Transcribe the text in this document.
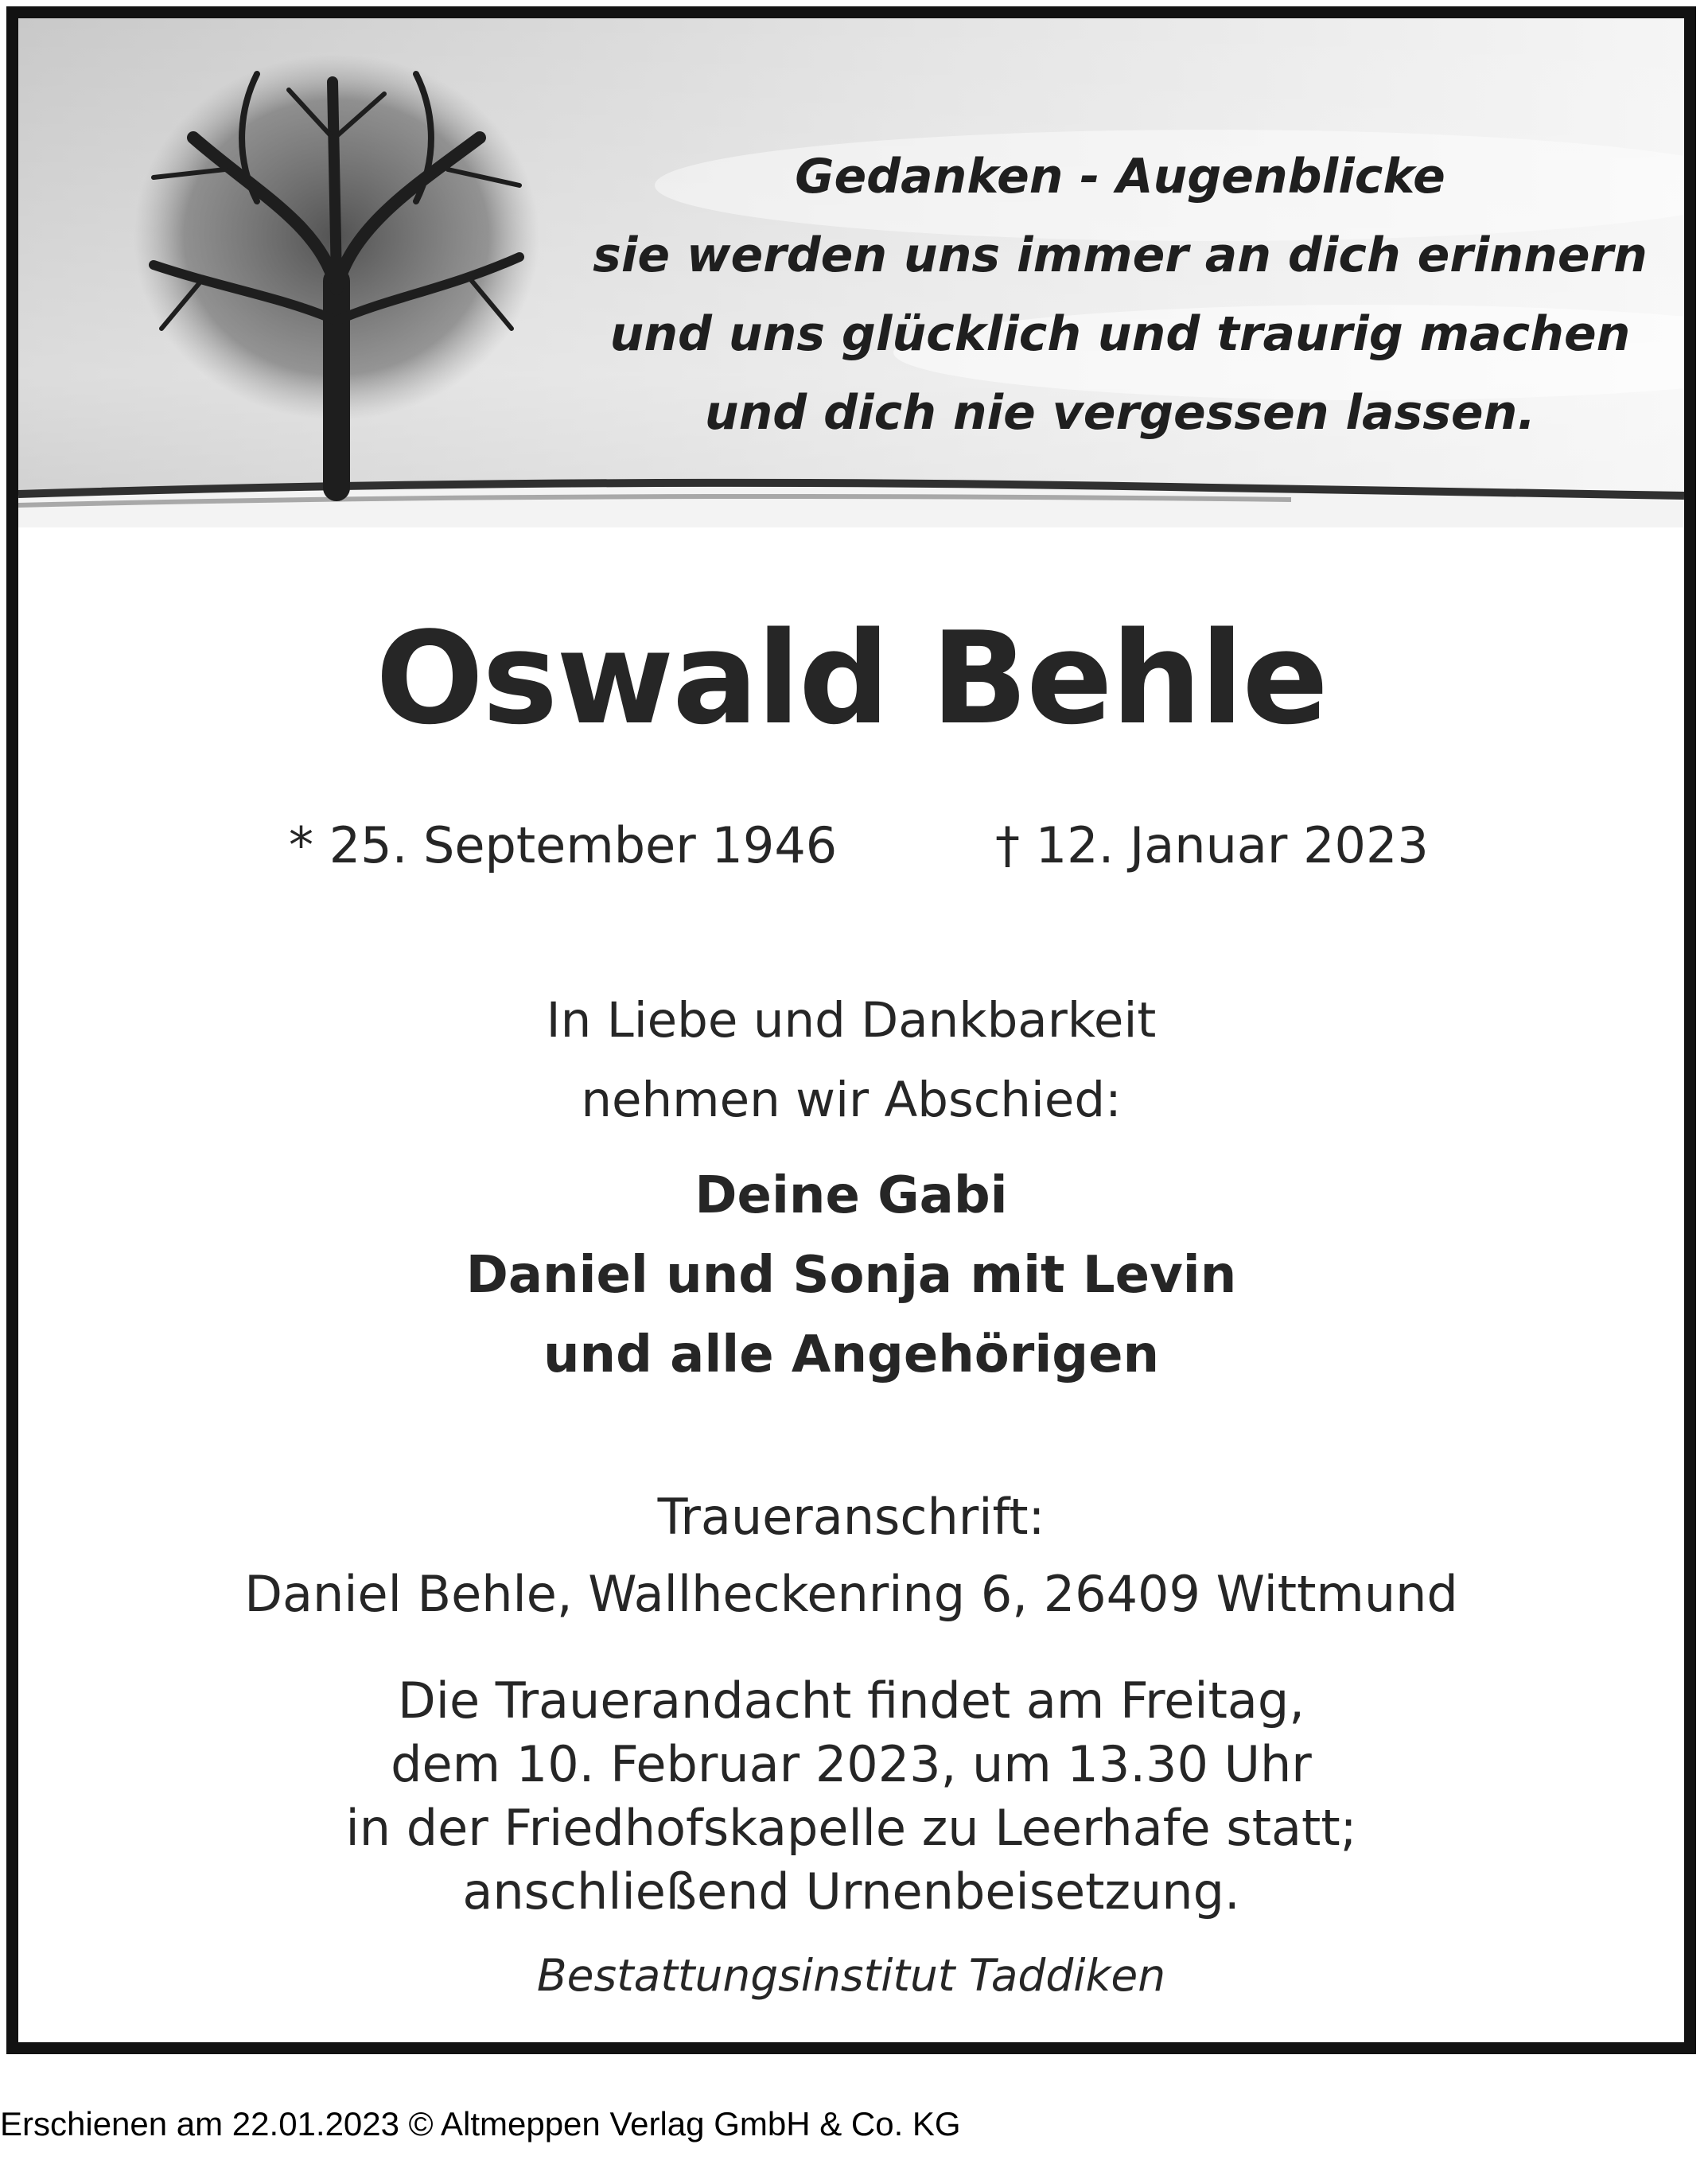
Gedanken - Augenblicke
sie werden uns immer an dich erinnern
und uns glücklich und traurig machen
und dich nie vergessen lassen.
Oswald Behle
* 25. September 1946	† 12. Januar 2023
In Liebe und Dankbarkeit
nehmen wir Abschied:
Deine Gabi
Daniel und Sonja mit Levin
und alle Angehörigen
Traueranschrift:
Daniel Behle, Wallheckenring 6, 26409 Wittmund
Die Trauerandacht findet am Freitag,
dem 10. Februar 2023, um 13.30 Uhr
in der Friedhofskapelle zu Leerhafe statt;
anschließend Urnenbeisetzung.
Bestattungsinstitut Taddiken
Erschienen am 22.01.2023 © Altmeppen Verlag GmbH & Co. KG
